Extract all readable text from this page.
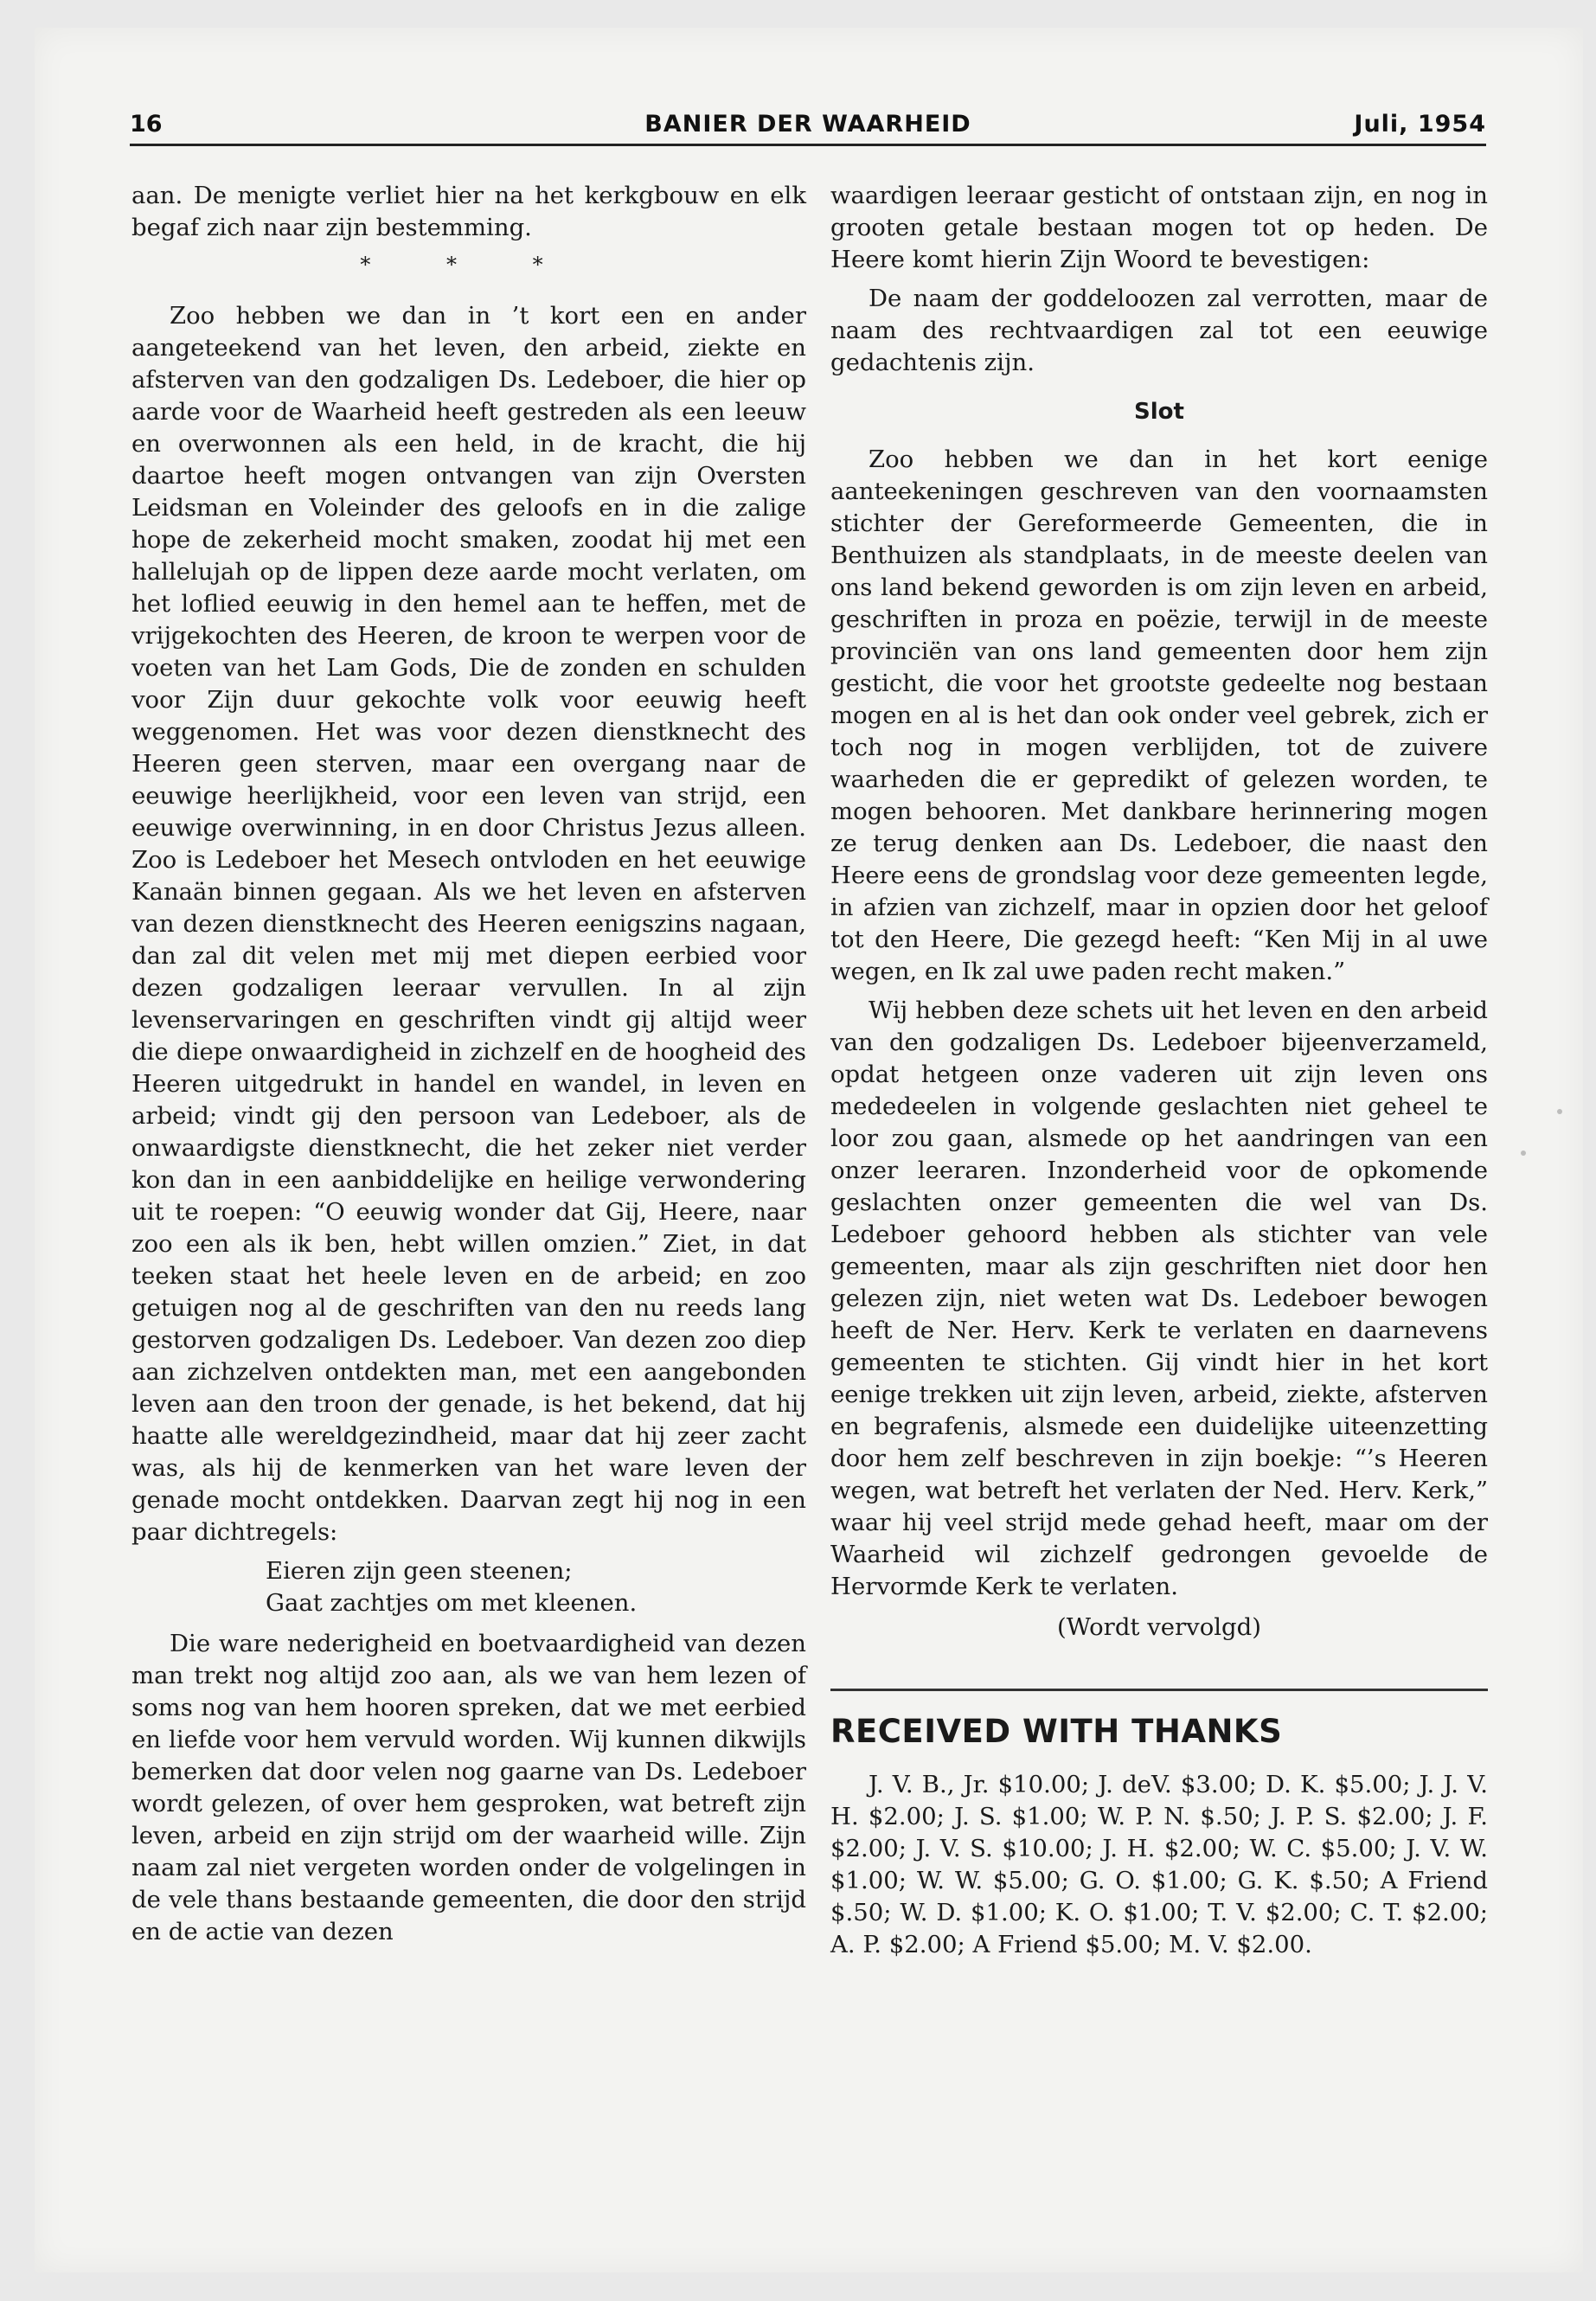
16	BANIER DER WAARHEID	Juli, 1954

aan. De menigte verliet hier na het kerkgbouw en elk begaf zich naar zijn bestemming.

* * *

Zoo hebben we dan in ’t kort een en ander aangeteekend van het leven, den arbeid, ziekte en afsterven van den godzaligen Ds. Ledeboer, die hier op aarde voor de Waarheid heeft gestreden als een leeuw en overwonnen als een held, in de kracht, die hij daartoe heeft mogen ontvangen van zijn Oversten Leidsman en Voleinder des geloofs en in die zalige hope de zekerheid mocht smaken, zoodat hij met een hallelujah op de lippen deze aarde mocht verlaten, om het loflied eeuwig in den hemel aan te heffen, met de vrijgekochten des Heeren, de kroon te werpen voor de voeten van het Lam Gods, Die de zonden en schulden voor Zijn duur gekochte volk voor eeuwig heeft weggenomen. Het was voor dezen dienstknecht des Heeren geen sterven, maar een overgang naar de eeuwige heerlijkheid, voor een leven van strijd, een eeuwige overwinning, in en door Christus Jezus alleen. Zoo is Ledeboer het Mesech ontvloden en het eeuwige Kanaän binnen gegaan. Als we het leven en afsterven van dezen dienstknecht des Heeren eenigszins nagaan, dan zal dit velen met mij met diepen eerbied voor dezen godzaligen leeraar vervullen. In al zijn levenservaringen en geschriften vindt gij altijd weer die diepe onwaardigheid in zichzelf en de hoogheid des Heeren uitgedrukt in handel en wandel, in leven en arbeid; vindt gij den persoon van Ledeboer, als de onwaardigste dienstknecht, die het zeker niet verder kon dan in een aanbiddelijke en heilige verwondering uit te roepen: “O eeuwig wonder dat Gij, Heere, naar zoo een als ik ben, hebt willen omzien.” Ziet, in dat teeken staat het heele leven en de arbeid; en zoo getuigen nog al de geschriften van den nu reeds lang gestorven godzaligen Ds. Ledeboer. Van dezen zoo diep aan zichzelven ontdekten man, met een aangebonden leven aan den troon der genade, is het bekend, dat hij haatte alle wereldgezindheid, maar dat hij zeer zacht was, als hij de kenmerken van het ware leven der genade mocht ontdekken. Daarvan zegt hij nog in een paar dichtregels:

Eieren zijn geen steenen;
Gaat zachtjes om met kleenen.

Die ware nederigheid en boetvaardigheid van dezen man trekt nog altijd zoo aan, als we van hem lezen of soms nog van hem hooren spreken, dat we met eerbied en liefde voor hem vervuld worden. Wij kunnen dikwijls bemerken dat door velen nog gaarne van Ds. Ledeboer wordt gelezen, of over hem gesproken, wat betreft zijn leven, arbeid en zijn strijd om der waarheid wille. Zijn naam zal niet vergeten worden onder de volgelingen in de vele thans bestaande gemeenten, die door den strijd en de actie van dezen

waardigen leeraar gesticht of ontstaan zijn, en nog in grooten getale bestaan mogen tot op heden. De Heere komt hierin Zijn Woord te bevestigen:

De naam der goddeloozen zal verrotten, maar de naam des rechtvaardigen zal tot een eeuwige gedachtenis zijn.

Slot

Zoo hebben we dan in het kort eenige aanteekeningen geschreven van den voornaamsten stichter der Gereformeerde Gemeenten, die in Benthuizen als standplaats, in de meeste deelen van ons land bekend geworden is om zijn leven en arbeid, geschriften in proza en poëzie, terwijl in de meeste provinciën van ons land gemeenten door hem zijn gesticht, die voor het grootste gedeelte nog bestaan mogen en al is het dan ook onder veel gebrek, zich er toch nog in mogen verblijden, tot de zuivere waarheden die er gepredikt of gelezen worden, te mogen behooren. Met dankbare herinnering mogen ze terug denken aan Ds. Ledeboer, die naast den Heere eens de grondslag voor deze gemeenten legde, in afzien van zichzelf, maar in opzien door het geloof tot den Heere, Die gezegd heeft: “Ken Mij in al uwe wegen, en Ik zal uwe paden recht maken.”

Wij hebben deze schets uit het leven en den arbeid van den godzaligen Ds. Ledeboer bijeenverzameld, opdat hetgeen onze vaderen uit zijn leven ons mededeelen in volgende geslachten niet geheel te loor zou gaan, alsmede op het aandringen van een onzer leeraren. Inzonderheid voor de opkomende geslachten onzer gemeenten die wel van Ds. Ledeboer gehoord hebben als stichter van vele gemeenten, maar als zijn geschriften niet door hen gelezen zijn, niet weten wat Ds. Ledeboer bewogen heeft de Ner. Herv. Kerk te verlaten en daarnevens gemeenten te stichten. Gij vindt hier in het kort eenige trekken uit zijn leven, arbeid, ziekte, afsterven en begrafenis, alsmede een duidelijke uiteenzetting door hem zelf beschreven in zijn boekje: “’s Heeren wegen, wat betreft het verlaten der Ned. Herv. Kerk,” waar hij veel strijd mede gehad heeft, maar om der Waarheid wil zichzelf gedrongen gevoelde de Hervormde Kerk te verlaten.

(Wordt vervolgd)
RECEIVED WITH THANKS

J. V. B., Jr. $10.00; J. deV. $3.00; D. K. $5.00; J. J. V. H. $2.00; J. S. $1.00; W. P. N. $.50; J. P. S. $2.00; J. F. $2.00; J. V. S. $10.00; J. H. $2.00; W. C. $5.00; J. V. W. $1.00; W. W. $5.00; G. O. $1.00; G. K. $.50; A Friend $.50; W. D. $1.00; K. O. $1.00; T. V. $2.00; C. T. $2.00; A. P. $2.00; A Friend $5.00; M. V. $2.00.
